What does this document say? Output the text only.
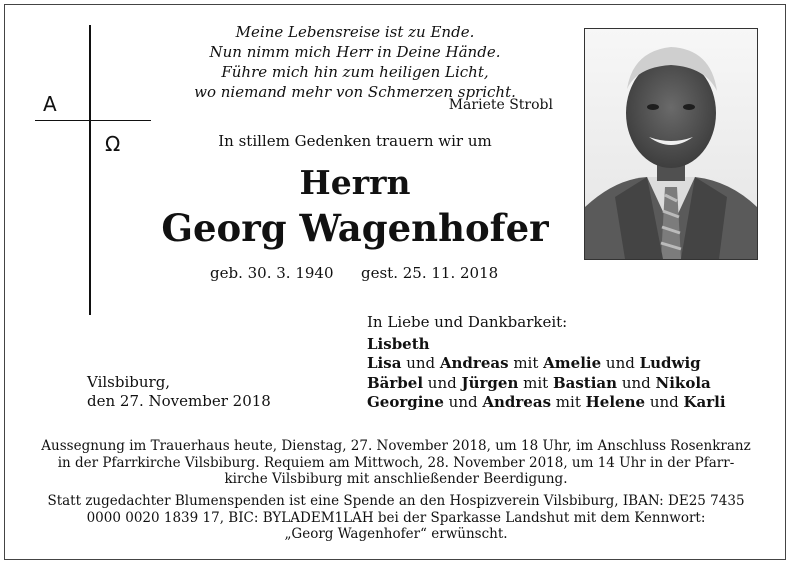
Meine Lebensreise ist zu Ende.
Nun nimm mich Herr in Deine Hände.
Führe mich hin zum heiligen Licht,
wo niemand mehr von Schmerzen spricht.
Mariete Strobl
A
Ω	In stillem Gedenken trauern wir um
Herrn
Georg Wagenhofer
geb. 30. 3. 1940 gest. 25. 11. 2018
Vilsbiburg,
den 27. November 2018
In Liebe und Dankbarkeit:
Lisbeth
Lisa und Andreas mit Amelie und Ludwig
Bärbel und Jürgen mit Bastian und Nikola
Georgine und Andreas mit Helene und Karli
Aussegnung im Trauerhaus heute, Dienstag, 27. November 2018, um 18 Uhr, im Anschluss Rosenkranz
in der Pfarrkirche Vilsbiburg. Requiem am Mittwoch, 28. November 2018, um 14 Uhr in der Pfarr-
kirche Vilsbiburg mit anschließender Beerdigung.
Statt zugedachter Blumenspenden ist eine Spende an den Hospizverein Vilsbiburg, IBAN: DE25 7435
0000 0020 1839 17, BIC: BYLADEM1LAH bei der Sparkasse Landshut mit dem Kennwort:
„Georg Wagenhofer“ erwünscht.
